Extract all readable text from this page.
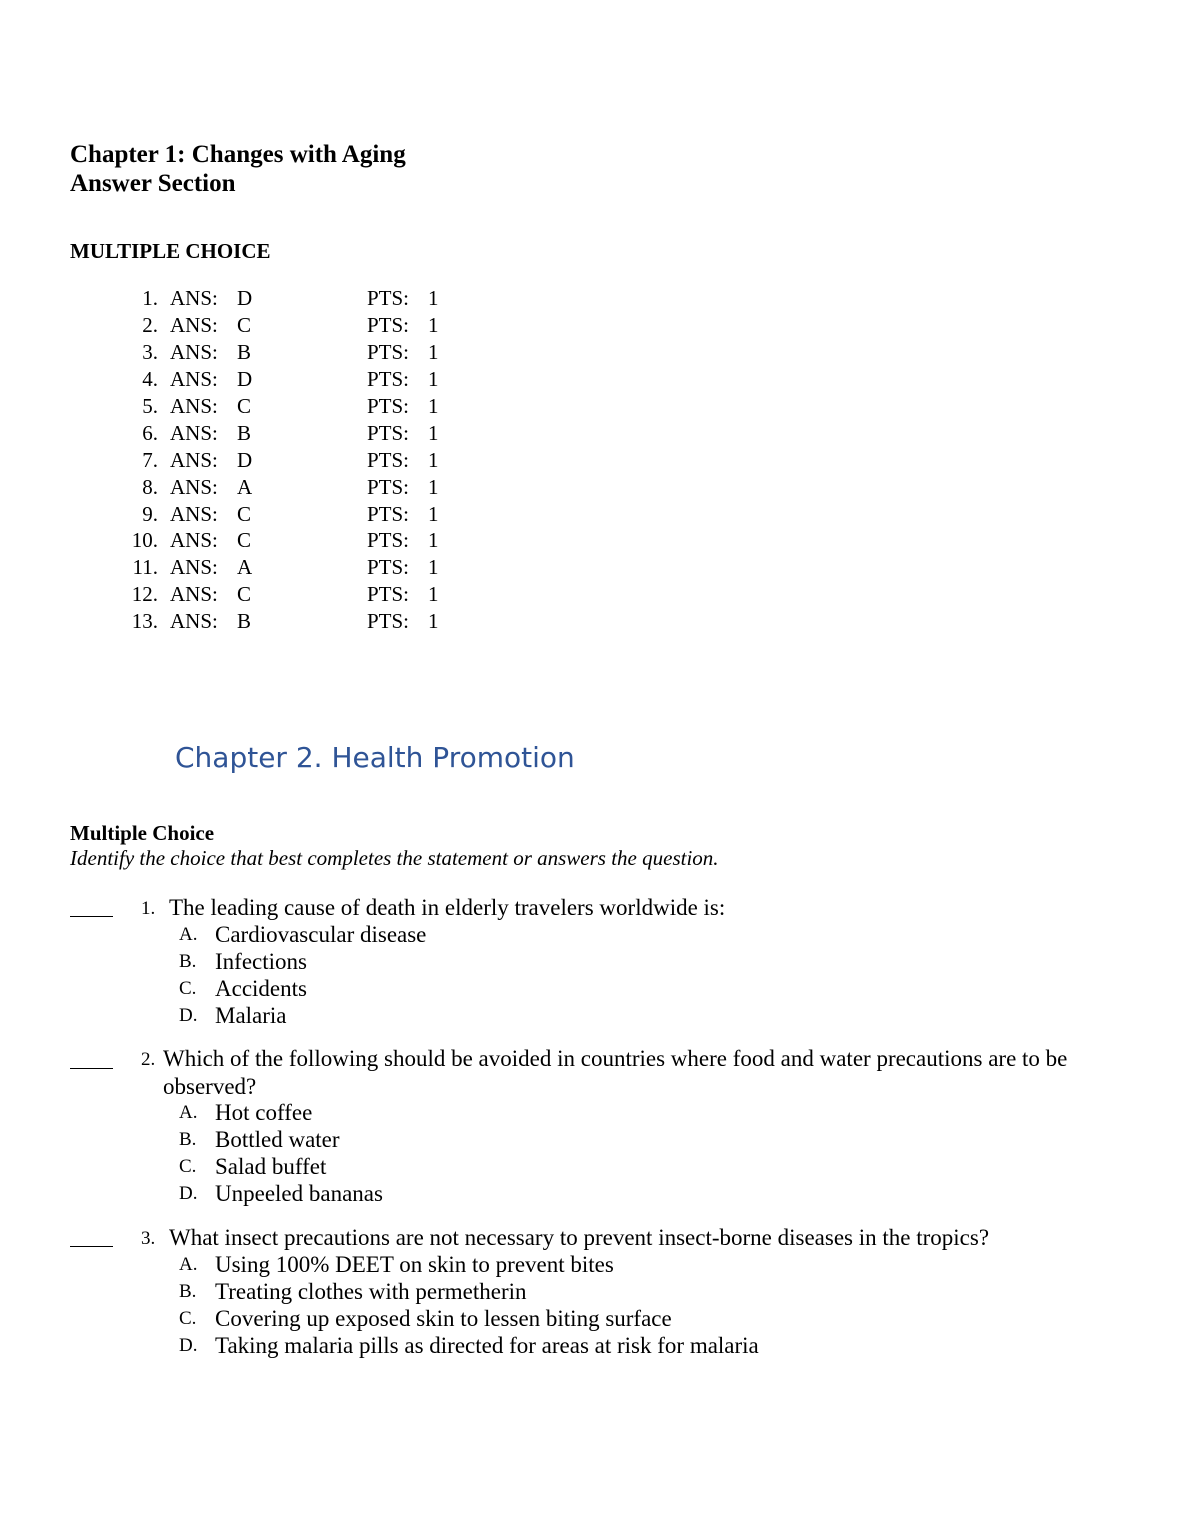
Chapter 1: Changes with Aging
Answer Section
MULTIPLE CHOICE
1. ANS: D	PTS: 1
2. ANS: C	PTS: 1
3. ANS: B	PTS: 1
4. ANS: D	PTS: 1
5. ANS: C	PTS: 1
6. ANS: B	PTS: 1
7. ANS: D	PTS: 1
8. ANS: A	PTS: 1
9. ANS: C	PTS: 1
10. ANS: C	PTS: 1
11. ANS: A	PTS: 1
12. ANS: C	PTS: 1
13. ANS: B	PTS: 1
Chapter 2. Health Promotion
Multiple Choice
Identify the choice that best completes the statement or answers the question.
1. The leading cause of death in elderly travelers worldwide is:
A. Cardiovascular disease
B. Infections
C. Accidents
D. Malaria
2. Which of the following should be avoided in countries where food and water precautions are to be observed?
A. Hot coffee
B. Bottled water
C. Salad buffet
D. Unpeeled bananas
3. What insect precautions are not necessary to prevent insect-borne diseases in the tropics?
A. Using 100% DEET on skin to prevent bites
B. Treating clothes with permetherin
C. Covering up exposed skin to lessen biting surface
D. Taking malaria pills as directed for areas at risk for malaria
